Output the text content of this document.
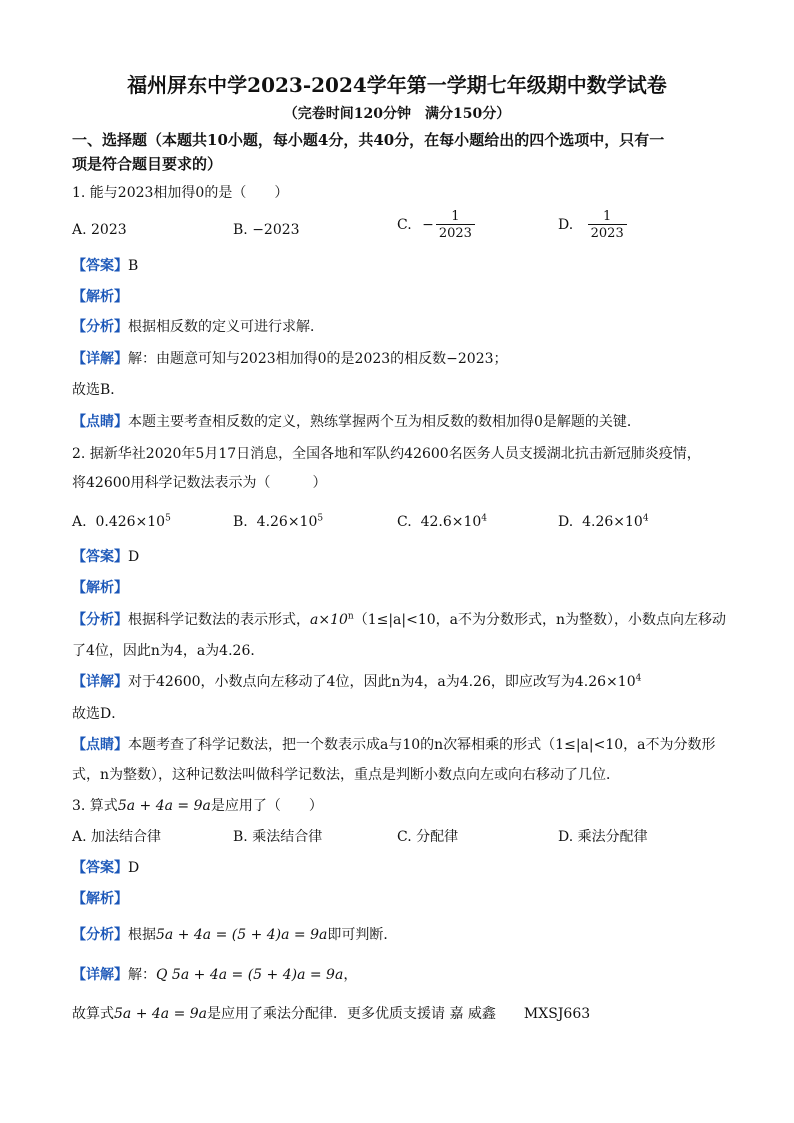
福州屏东中学2023-2024学年第一学期七年级期中数学试卷
（完卷时间120分钟　满分150分）
一、选择题（本题共10小题，每小题4分，共40分，在每小题给出的四个选项中，只有一
项是符合题目要求的）
1. 能与2023相加得0的是（　　）
A. 2023	B. −2023	C. − $\frac{1}{2023}$	D. $\frac{1}{2023}$
【答案】B
【解析】
【分析】根据相反数的定义可进行求解．
【详解】解：由题意可知与2023相加得0的是2023的相反数−2023；
故选B．
【点睛】本题主要考查相反数的定义，熟练掌握两个互为相反数的数相加得0是解题的关键．
2. 据新华社2020年5月17日消息，全国各地和军队约42600名医务人员支援湖北抗击新冠肺炎疫情，
将42600用科学记数法表示为（　　　）
A. $0.426\times 10^5$	B. $4.26\times 10^5$	C. $42.6\times 10^4$	D. $4.26\times 10^4$
【答案】D
【解析】
【分析】根据科学记数法的表示形式，$a\times 10^n(1\le|a|<10$，a不为分数形式，n为整数），小数点向左移动
了4位，因此n为4，a为4.26．
【详解】对于42600，小数点向左移动了4位，因此n为4，a为4.26，即应改写为$4.26\times 10^4$
故选D．
【点睛】本题考查了科学记数法，把一个数表示成a与10的n次幂相乘的形式（1≤|a|<10，a不为分数形
式，n为整数），这种记数法叫做科学记数法，重点是判断小数点向左或向右移动了几位．
3. 算式5a + 4a = 9a是应用了（　　）
A. 加法结合律	B. 乘法结合律	C. 分配律	D. 乘法分配律
【答案】D
【解析】
【分析】根据5a + 4a = (5 + 4)a = 9a即可判断．
【详解】解：Q 5a + 4a = (5 + 4)a = 9a，
故算式5a + 4a = 9a是应用了乘法分配律．更多优质支援请 嘉 威鑫　　MXSJ663
